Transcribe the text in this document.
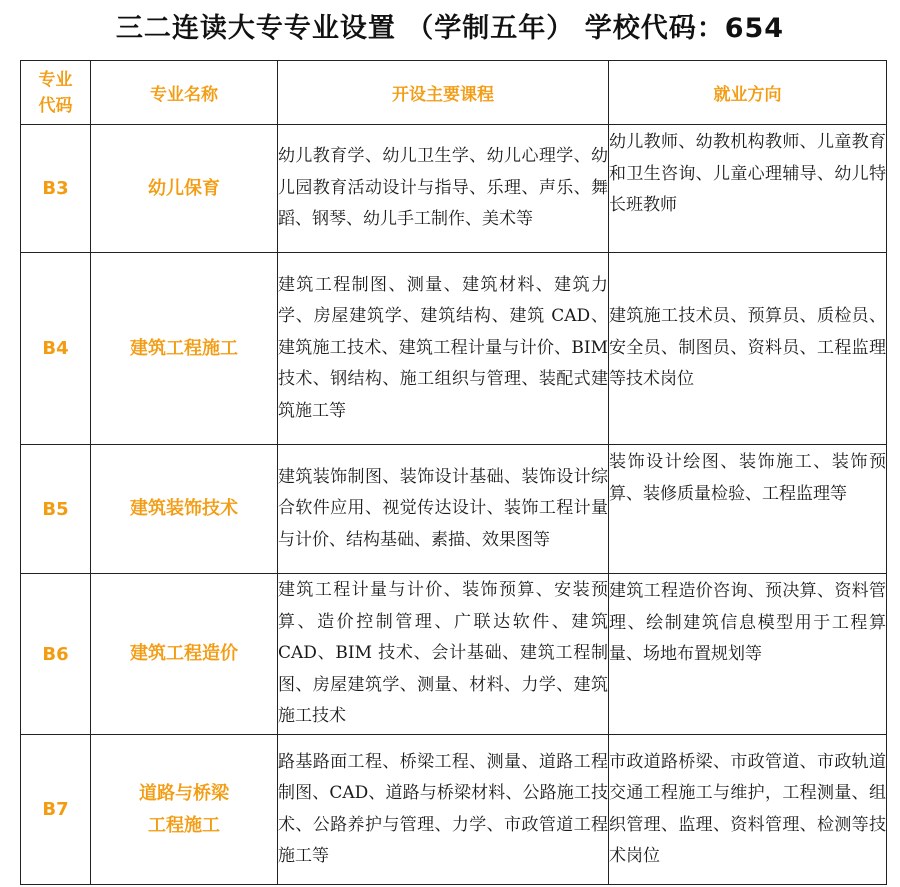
三二连读大专专业设置 （学制五年） 学校代码：654
专业
代码	专业名称	开设主要课程	就业方向
B3	幼儿保育	幼儿教育学、幼儿卫生学、幼儿心理学、幼儿园教育活动设计与指导、乐理、声乐、舞蹈、钢琴、幼儿手工制作、美术等	幼儿教师、幼教机构教师、儿童教育和卫生咨询、儿童心理辅导、幼儿特长班教师
B4	建筑工程施工	建筑工程制图、测量、建筑材料、建筑力学、房屋建筑学、建筑结构、建筑 CAD、建筑施工技术、建筑工程计量与计价、BIM 技术、钢结构、施工组织与管理、装配式建筑施工等	建筑施工技术员、预算员、质检员、安全员、制图员、资料员、工程监理等技术岗位
B5	建筑装饰技术	建筑装饰制图、装饰设计基础、装饰设计综合软件应用、视觉传达设计、装饰工程计量与计价、结构基础、素描、效果图等	装饰设计绘图、装饰施工、装饰预算、装修质量检验、工程监理等
B6	建筑工程造价	建筑工程计量与计价、装饰预算、安装预算、造价控制管理、广联达软件、建筑 CAD、BIM 技术、会计基础、建筑工程制图、房屋建筑学、测量、材料、力学、建筑施工技术	建筑工程造价咨询、预决算、资料管理、绘制建筑信息模型用于工程算量、场地布置规划等
B7	道路与桥梁
工程施工	路基路面工程、桥梁工程、测量、道路工程制图、CAD、道路与桥梁材料、公路施工技术、公路养护与管理、力学、市政管道工程施工等	市政道路桥梁、市政管道、市政轨道交通工程施工与维护，工程测量、组织管理、监理、资料管理、检测等技术岗位
